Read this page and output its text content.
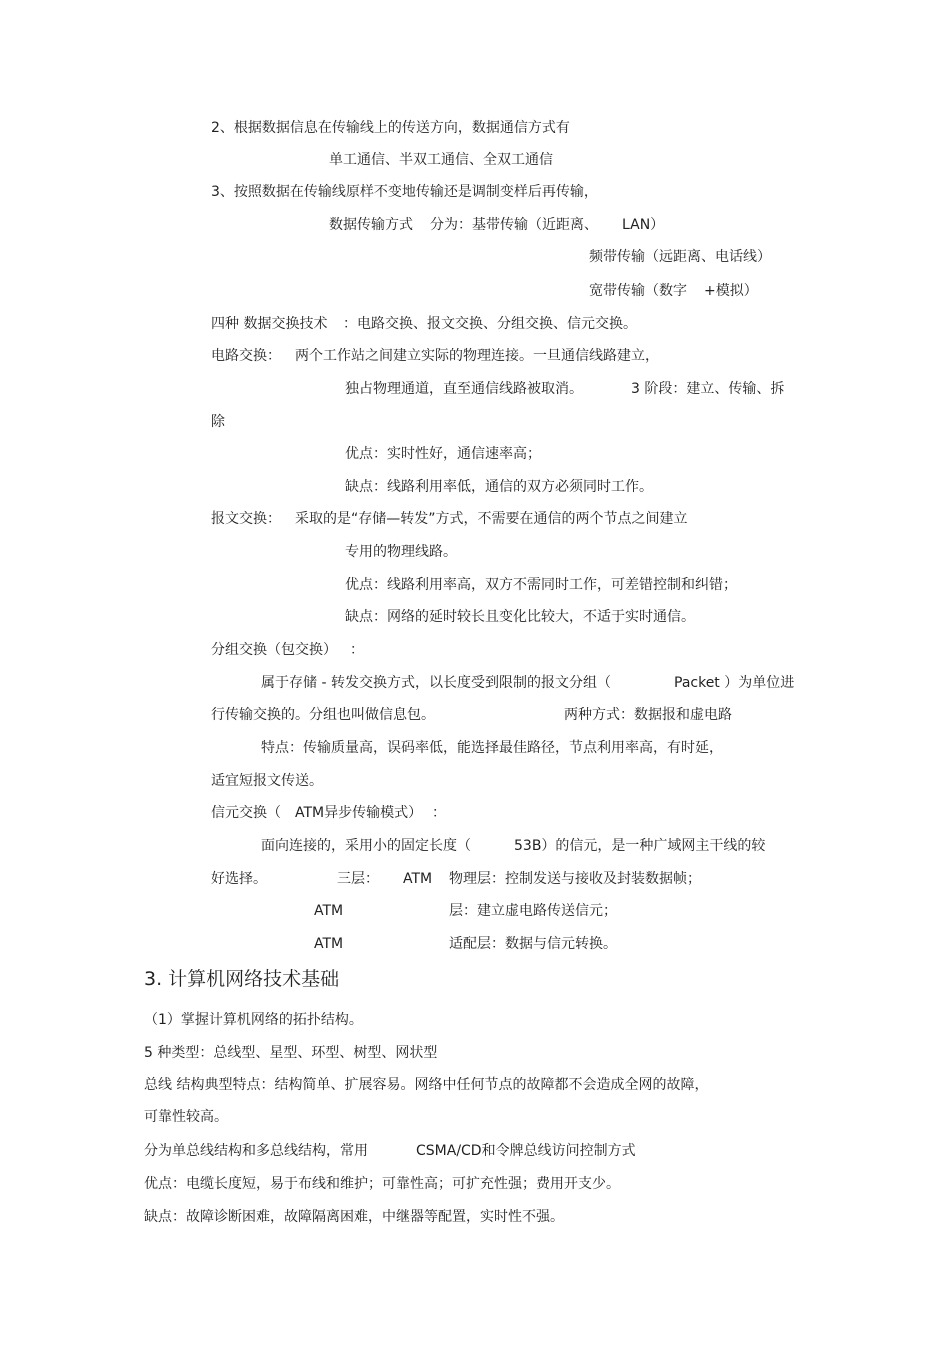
2、根据数据信息在传输线上的传送方向，数据通信方式有
单工通信、半双工通信、全双工通信
3、按照数据在传输线原样不变地传输还是调制变样后再传输，
数据传输方式 分为：基带传输（近距离、 LAN）
频带传输（远距离、电话线）
宽带传输（数字 +模拟）
四种 数据交换技术 ：电路交换、报文交换、分组交换、信元交换。
电路交换： 两个工作站之间建立实际的物理连接。一旦通信线路建立，
独占物理通道，直至通信线路被取消。	3 阶段：建立、传输、拆
除
优点：实时性好，通信速率高；
缺点：线路利用率低，通信的双方必须同时工作。
报文交换： 采取的是“存储—转发”方式，不需要在通信的两个节点之间建立
专用的物理线路。
优点：线路利用率高，双方不需同时工作，可差错控制和纠错；
缺点：网络的延时较长且变化比较大，不适于实时通信。
分组交换（包交换） ：
属于存储 - 转发交换方式，以长度受到限制的报文分组（	Packet ）为单位进
行传输交换的。分组也叫做信息包。	两种方式：数据报和虚电路
特点：传输质量高，误码率低，能选择最佳路径，节点利用率高，有时延，
适宜短报文传送。
信元交换（ ATM异步传输模式） ：
面向连接的，采用小的固定长度（	53B）的信元，是一种广域网主干线的较
好选择。	三层： ATM 物理层：控制发送与接收及封装数据帧；
ATM	层：建立虚电路传送信元；
ATM	适配层：数据与信元转换。
3. 计算机网络技术基础
（1）掌握计算机网络的拓扑结构。
5 种类型：总线型、星型、环型、树型、网状型
总线 结构典型特点：结构简单、扩展容易。网络中任何节点的故障都不会造成全网的故障，
可靠性较高。
分为单总线结构和多总线结构，常用	CSMA/CD和令牌总线访问控制方式
优点：电缆长度短，易于布线和维护；可靠性高；可扩充性强；费用开支少。
缺点：故障诊断困难，故障隔离困难，中继器等配置，实时性不强。
